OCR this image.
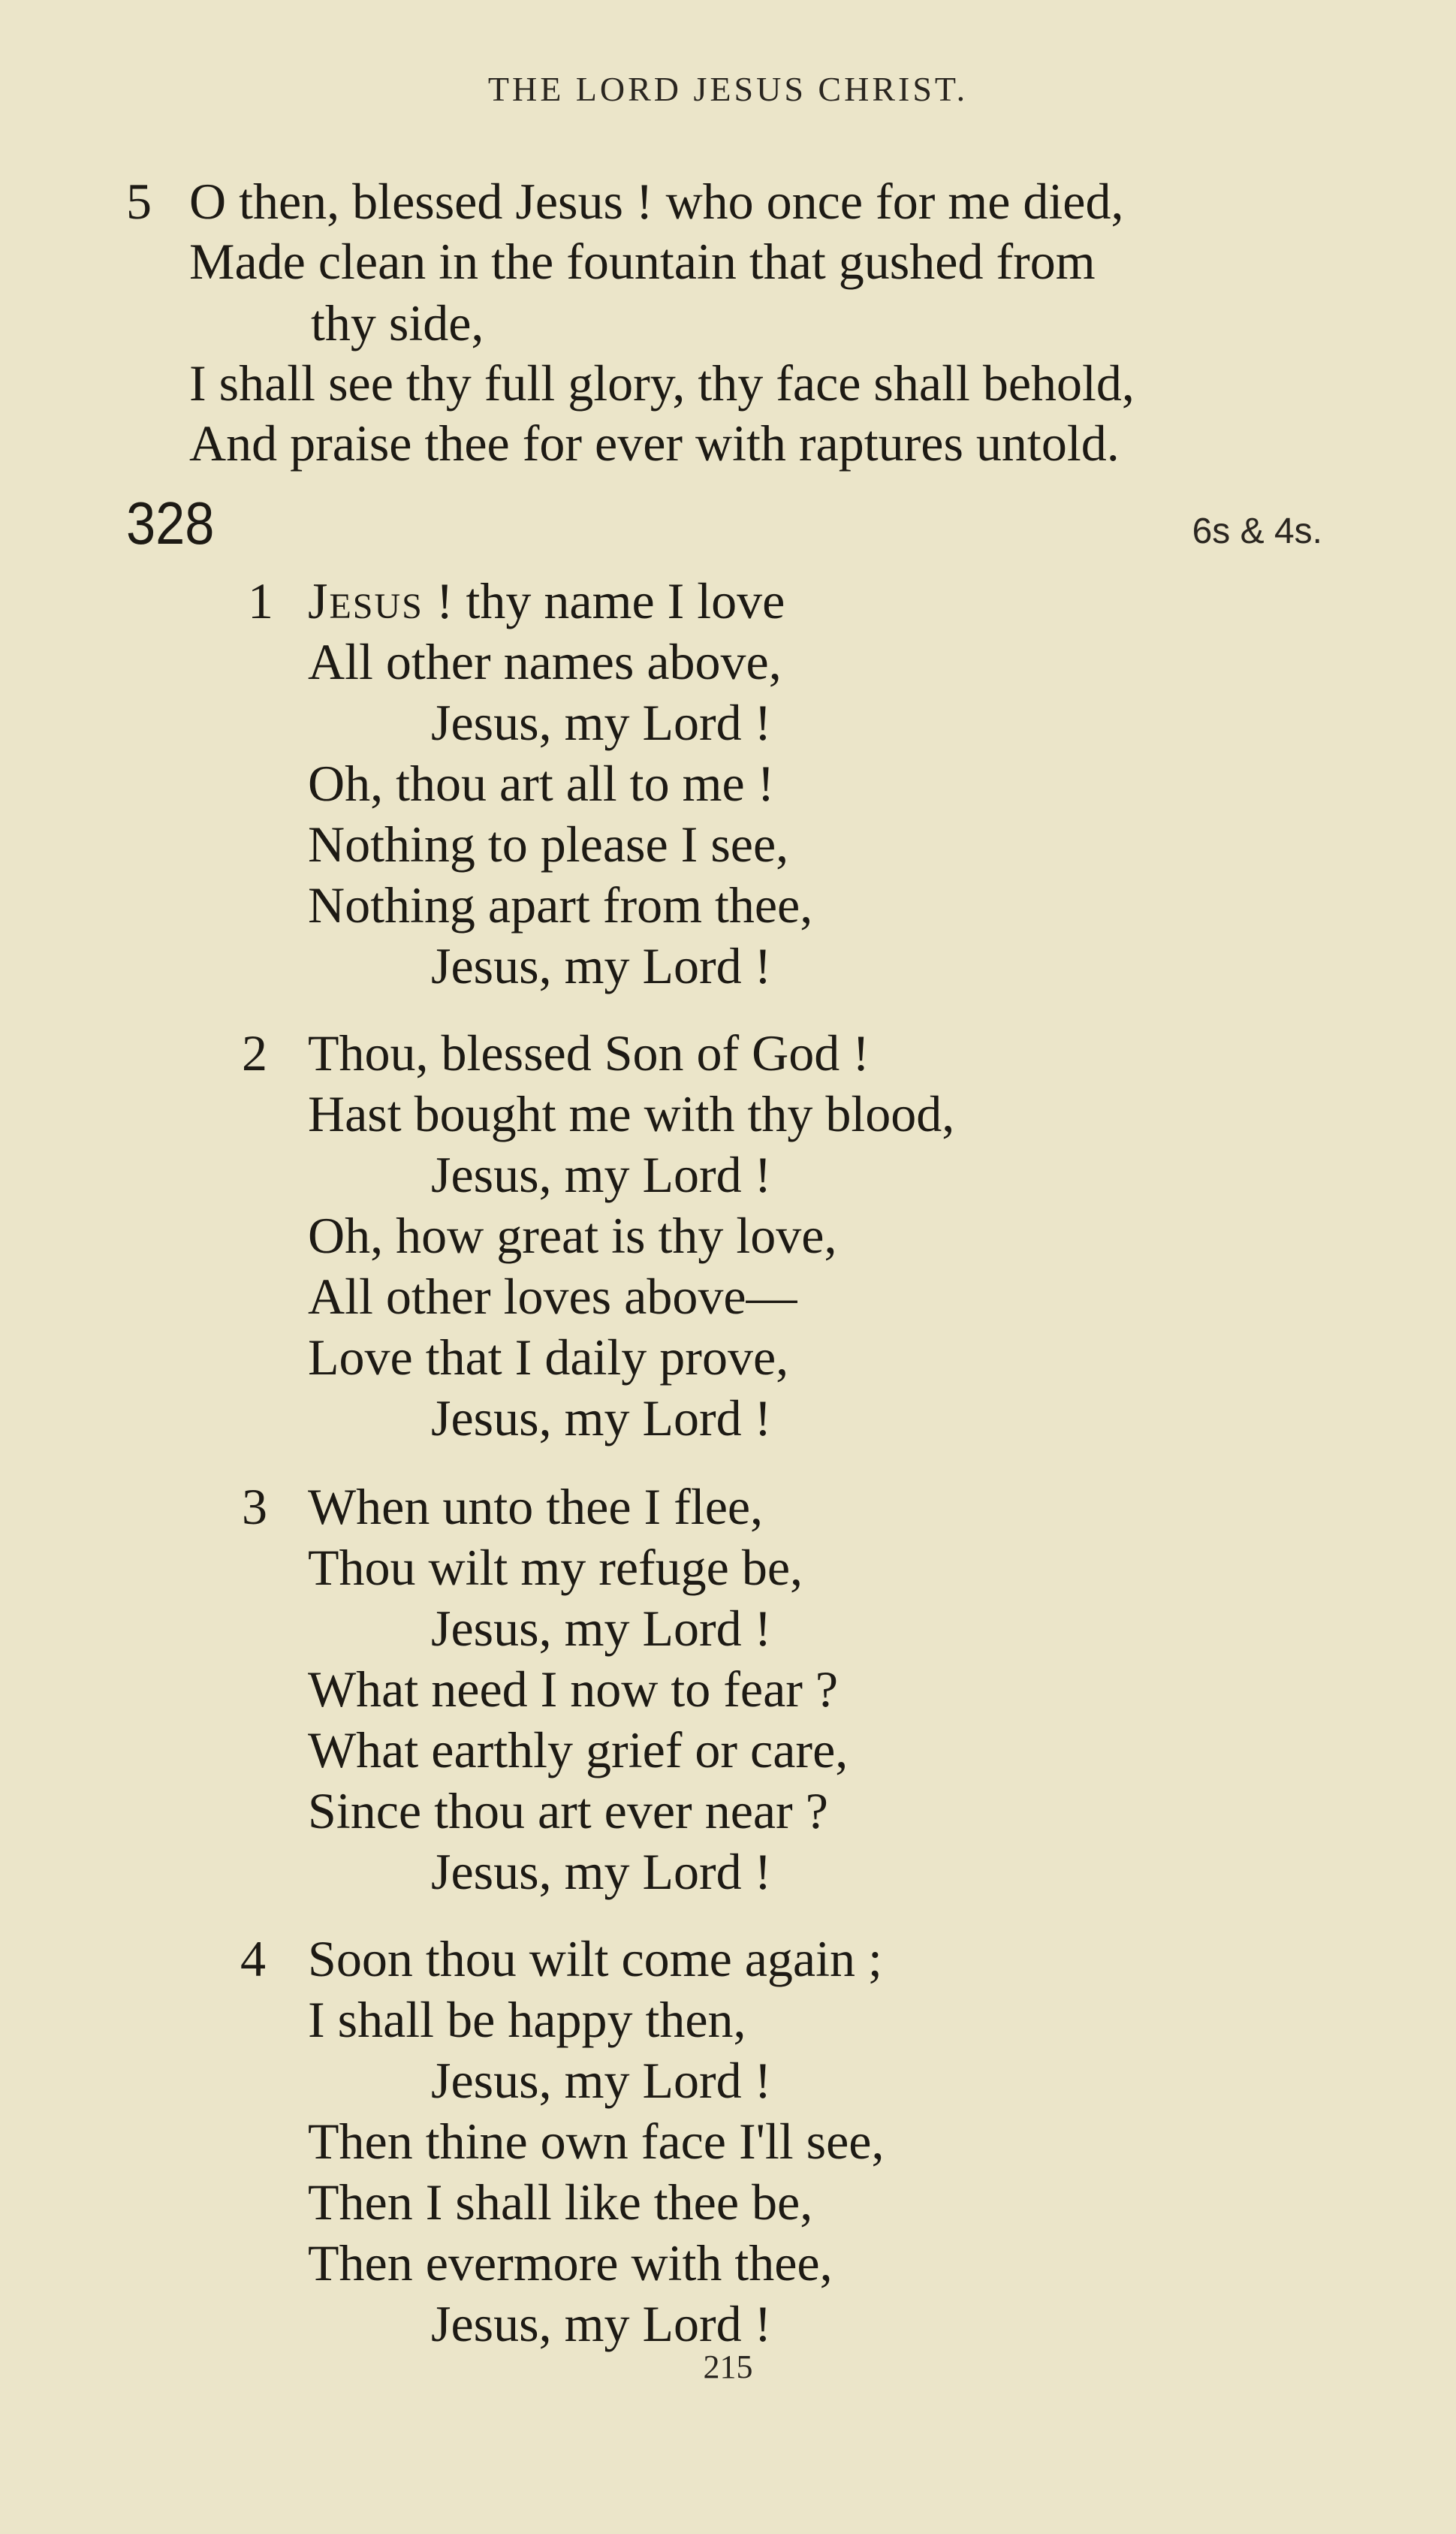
THE LORD JESUS CHRIST.
5 O then, blessed Jesus ! who once for me died,
Made clean in the fountain that gushed from
thy side,
I shall see thy full glory, thy face shall behold,
And praise thee for ever with raptures untold.
328	6s & 4s.
1 Jesus ! thy name I love
All other names above,
Jesus, my Lord !
Oh, thou art all to me !
Nothing to please I see,
Nothing apart from thee,
Jesus, my Lord !
2 Thou, blessed Son of God !
Hast bought me with thy blood,
Jesus, my Lord !
Oh, how great is thy love,
All other loves above—
Love that I daily prove,
Jesus, my Lord !
3 When unto thee I flee,
Thou wilt my refuge be,
Jesus, my Lord !
What need I now to fear ?
What earthly grief or care,
Since thou art ever near ?
Jesus, my Lord !
4 Soon thou wilt come again ;
I shall be happy then,
Jesus, my Lord !
Then thine own face I'll see,
Then I shall like thee be,
Then evermore with thee,
Jesus, my Lord !
215
